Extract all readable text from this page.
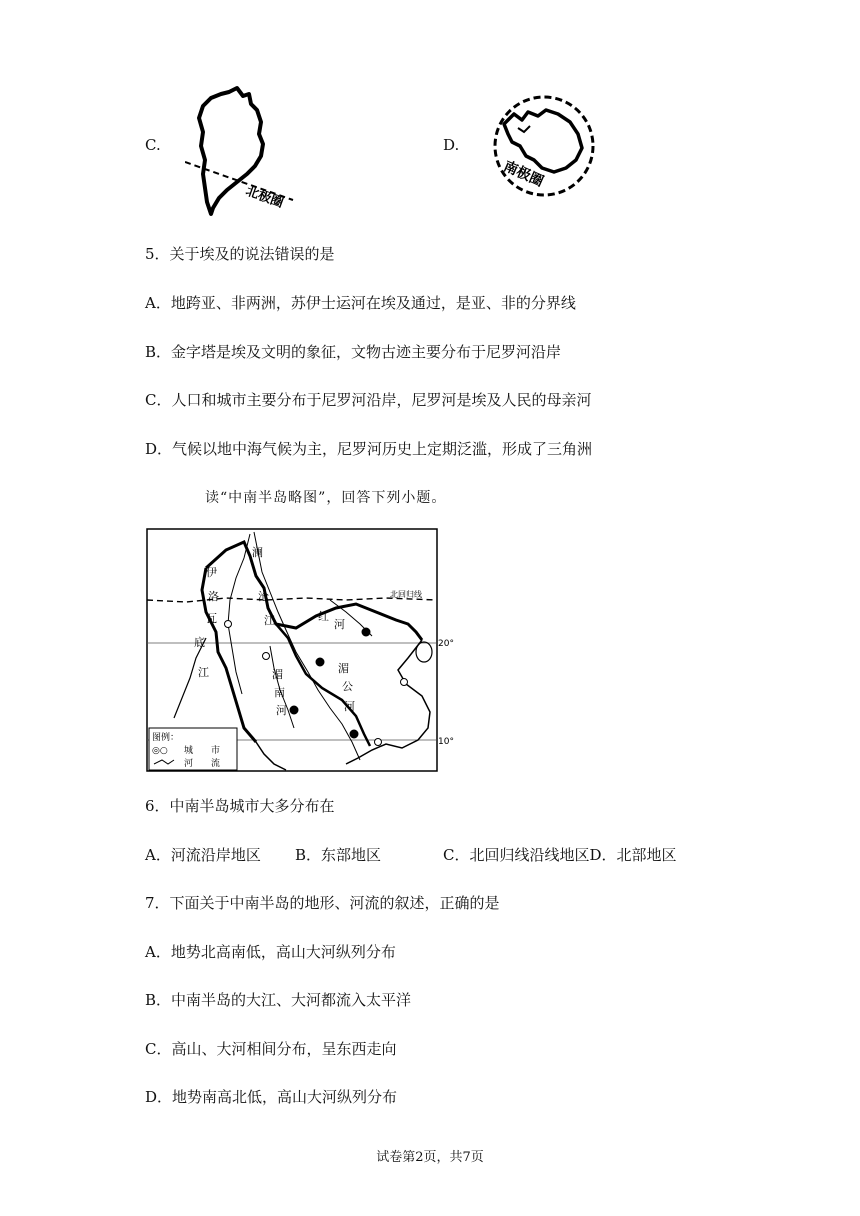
C.	D.
北极圈
南极圈
5．关于埃及的说法错误的是
A．地跨亚、非两洲，苏伊士运河在埃及通过，是亚、非的分界线
B．金字塔是埃及文明的象征，文物古迹主要分布于尼罗河沿岸
C．人口和城市主要分布于尼罗河沿岸，尼罗河是埃及人民的母亲河
D．气候以地中海气候为主，尼罗河历史上定期泛滥，形成了三角洲
读“中南半岛略图”，回答下列小题。
澜
沧
江
伊
洛
瓦
底
江
红
河
湄
公
河
湄
南
河
北回归线
20°
10°
图例：
◎○ 城　　市
河　　流
6．中南半岛城市大多分布在
A．河流沿岸地区 B．东部地区	C．北回归线沿线地区D．北部地区
7．下面关于中南半岛的地形、河流的叙述，正确的是
A．地势北高南低，高山大河纵列分布
B．中南半岛的大江、大河都流入太平洋
C．高山、大河相间分布，呈东西走向
D．地势南高北低，高山大河纵列分布
试卷第2页，共7页
